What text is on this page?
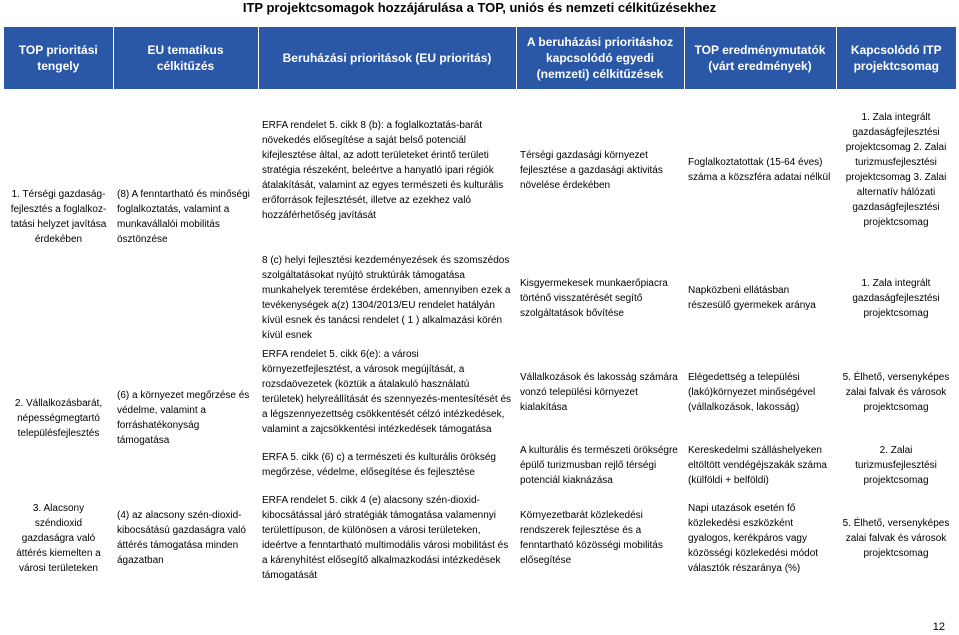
ITP projektcsomagok hozzájárulása a TOP, uniós és nemzeti célkitűzésekhez
TOP prioritási tengely	EU tematikus célkitűzés	Beruházási prioritások (EU prioritás)	A beruházási prioritáshoz kapcsolódó egyedi (nemzeti) célkitűzések	TOP eredménymutatók (várt eredmények)	Kapcsolódó ITP projektcsomag
1. Térségi gazdaság-fejlesztés a foglalkoz-tatási helyzet javítása érdekében	(8) A fenntartható és minőségi foglalkoztatás, valamint a munkavállalói mobilitás ösztönzése	ERFA rendelet 5. cikk 8 (b): a foglalkoztatás-barát növekedés elősegítése a saját belső potenciál kifejlesztése által, az adott területeket érintő területi stratégia részeként, beleértve a hanyatló ipari régiók átalakítását, valamint az egyes természeti és kulturális erőforrások fejlesztését, illetve az ezekhez való hozzáférhetőség javítását	Térségi gazdasági környezet fejlesztése a gazdasági aktivitás növelése érdekében	Foglalkoztatottak (15-64 éves) száma a közszféra adatai nélkül	1. Zala integrált gazdaságfejlesztési projektcsomag 2. Zalai turizmusfejlesztési projektcsomag 3. Zalai alternatív hálózati gazdaságfejlesztési projektcsomag
		8 (c) helyi fejlesztési kezdeményezések és szomszédos szolgáltatásokat nyújtó struktúrák támogatása munkahelyek teremtése érdekében, amennyiben ezek a tevékenységek a(z) 1304/2013/EU rendelet hatályán kívül esnek és tanácsi rendelet ( 1 ) alkalmazási körén kívül esnek	Kisgyermekesek munkaerőpiacra történő visszatérését segítő szolgáltatások bővítése	Napközbeni ellátásban részesülő gyermekek aránya	1. Zala integrált gazdaságfejlesztési projektcsomag
2. Vállalkozásbarát, népességmegtartó településfejlesztés	(6) a környezet megőrzése és védelme, valamint a forráshatékonyság támogatása	ERFA rendelet 5. cikk 6(e): a városi környezetfejlesztést, a városok megújítását, a rozsdaövezetek (köztük a átalakuló használatú területek) helyreállítását és szennyezés-mentesítését és a légszennyezettség csökkentését célzó intézkedések, valamint a zajcsökkentési intézkedések támogatása	Vállalkozások és lakosság számára vonzó települési környezet kialakítása	Elégedettség a települési (lakó)környezet minőségével (vállalkozások, lakosság)	5. Élhető, versenyképes zalai falvak és városok projektcsomag
		ERFA 5. cikk (6) c) a természeti és kulturális örökség megőrzése, védelme, elősegítése és fejlesztése	A kulturális és természeti örökségre épülő turizmusban rejlő térségi potenciál kiaknázása	Kereskedelmi szálláshelyeken eltöltött vendégéjszakák száma (külföldi + belföldi)	2. Zalai turizmusfejlesztési projektcsomag
3. Alacsony széndioxid gazdaságra való áttérés kiemelten a városi területeken	(4) az alacsony szén-dioxid-kibocsátású gazdaságra való áttérés támogatása minden ágazatban	ERFA rendelet 5. cikk 4 (e) alacsony szén-dioxid-kibocsátással járó stratégiák támogatása valamennyi területtípuson, de különösen a városi területeken, ideértve a fenntartható multimodális városi mobilitást és a kárenyhítést elősegítő alkalmazkodási intézkedések támogatását	Környezetbarát közlekedési rendszerek fejlesztése és a fenntartható közösségi mobilitás elősegítése	Napi utazások esetén fő közlekedési eszközként gyalogos, kerékpáros vagy közösségi közlekedési módot választók részaránya (%)	5. Élhető, versenyképes zalai falvak és városok projektcsomag
12
